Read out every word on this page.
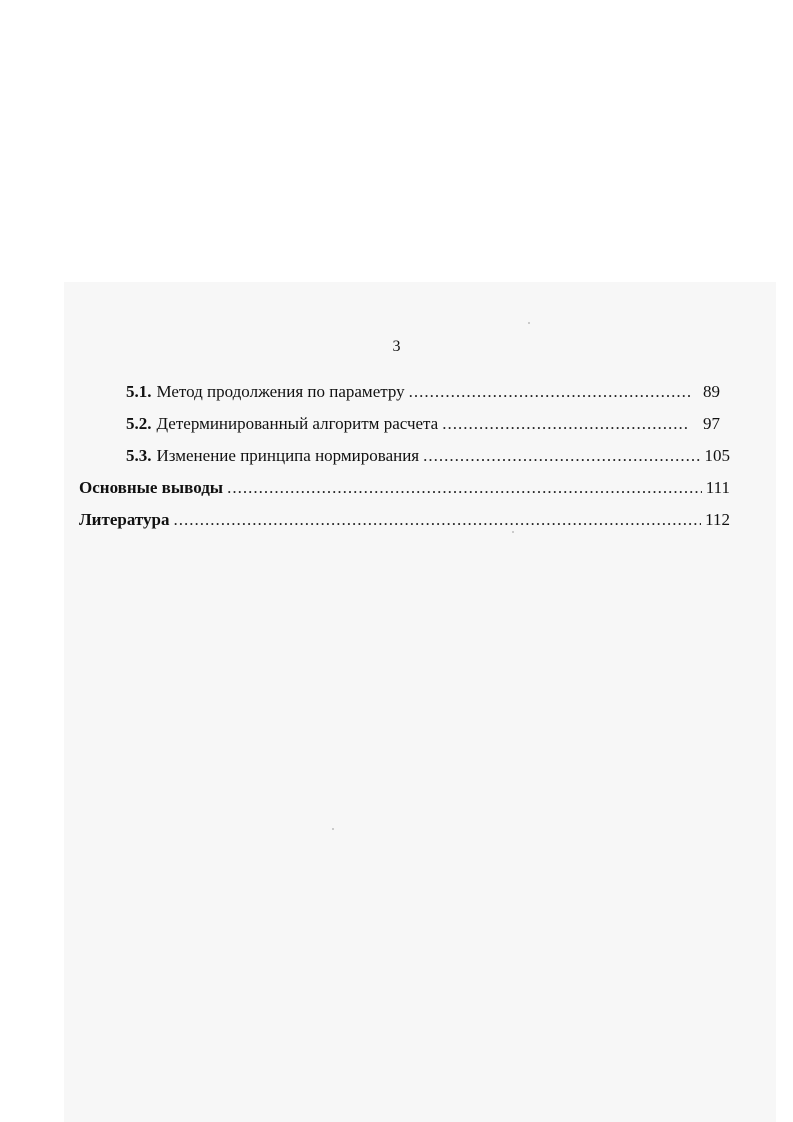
3
5.1. Метод продолжения по параметру .....	89
5.2. Детерминированный алгоритм расчета .....	97
5.3. Изменение принципа нормирования .....	105
Основные выводы .....	111
Литература .....	112
